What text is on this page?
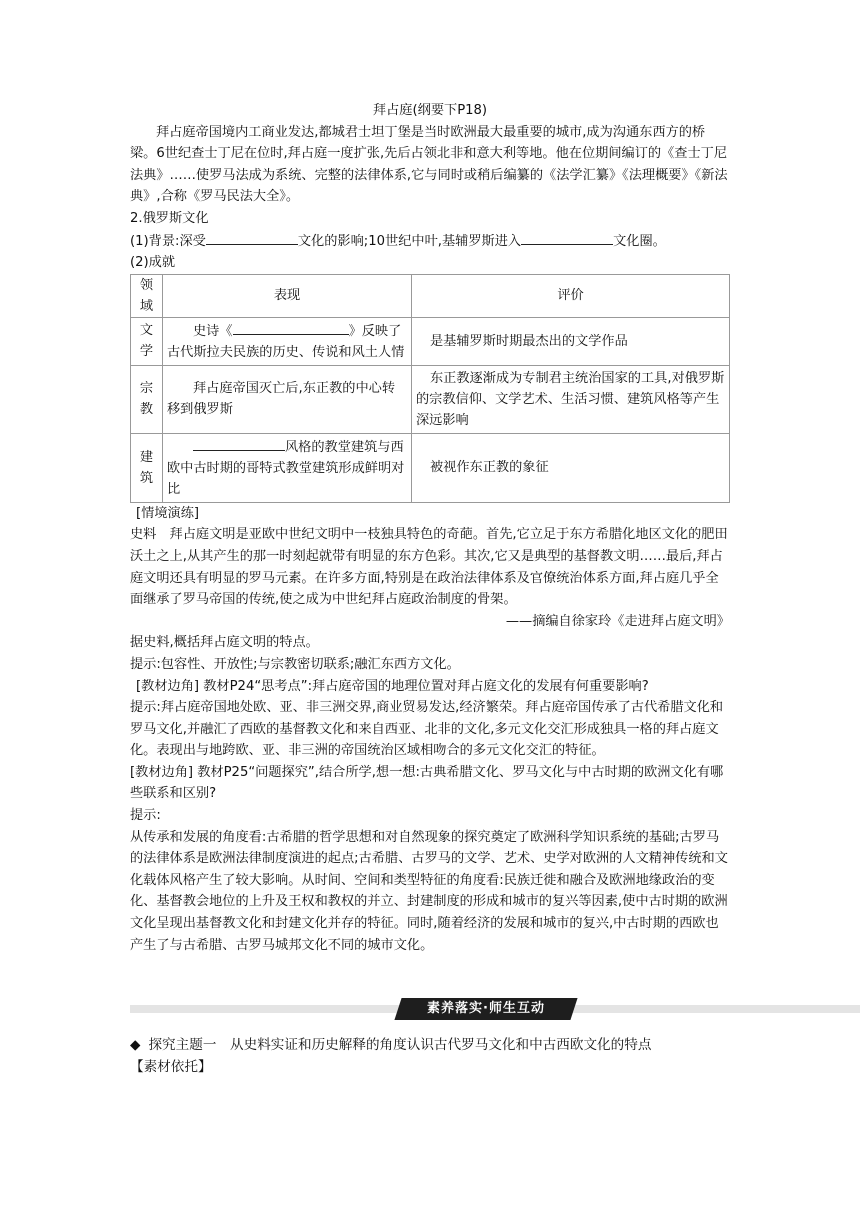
拜占庭(纲要下P18)

拜占庭帝国境内工商业发达,都城君士坦丁堡是当时欧洲最大最重要的城市,成为沟通东西方的桥梁。6世纪查士丁尼在位时,拜占庭一度扩张,先后占领北非和意大利等地。他在位期间编订的《查士丁尼法典》……使罗马法成为系统、完整的法律体系,它与同时或稍后编纂的《法学汇纂》《法理概要》《新法典》,合称《罗马民法大全》。

2.俄罗斯文化

(1)背景:深受	文化的影响;10世纪中叶,基辅罗斯进入	文化圈。

(2)成就

领域	表现	评价
文学	史诗《 》反映了古代斯拉夫民族的历史、传说和风土人情	是基辅罗斯时期最杰出的文学作品
宗教	拜占庭帝国灭亡后,东正教的中心转移到俄罗斯	东正教逐渐成为专制君主统治国家的工具,对俄罗斯的宗教信仰、文学艺术、生活习惯、建筑风格等产生深远影响
建筑	风格的教堂建筑与西欧中古时期的哥特式教堂建筑形成鲜明对比	被视作东正教的象征

[情境演练]

史料　拜占庭文明是亚欧中世纪文明中一枝独具特色的奇葩。首先,它立足于东方希腊化地区文化的肥田沃土之上,从其产生的那一时刻起就带有明显的东方色彩。其次,它又是典型的基督教文明……最后,拜占庭文明还具有明显的罗马元素。在许多方面,特别是在政治法律体系及官僚统治体系方面,拜占庭几乎全面继承了罗马帝国的传统,使之成为中世纪拜占庭政治制度的骨架。

——摘编自徐家玲《走进拜占庭文明》

据史料,概括拜占庭文明的特点。

提示:包容性、开放性;与宗教密切联系;融汇东西方文化。

[教材边角] 教材P24“思考点”:拜占庭帝国的地理位置对拜占庭文化的发展有何重要影响?

提示:拜占庭帝国地处欧、亚、非三洲交界,商业贸易发达,经济繁荣。拜占庭帝国传承了古代希腊文化和罗马文化,并融汇了西欧的基督教文化和来自西亚、北非的文化,多元文化交汇形成独具一格的拜占庭文化。表现出与地跨欧、亚、非三洲的帝国统治区域相吻合的多元文化交汇的特征。

[教材边角] 教材P25“问题探究”,结合所学,想一想:古典希腊文化、罗马文化与中古时期的欧洲文化有哪些联系和区别?

提示:

从传承和发展的角度看:古希腊的哲学思想和对自然现象的探究奠定了欧洲科学知识系统的基础;古罗马的法律体系是欧洲法律制度演进的起点;古希腊、古罗马的文学、艺术、史学对欧洲的人文精神传统和文化载体风格产生了较大影响。从时间、空间和类型特征的角度看:民族迁徙和融合及欧洲地缘政治的变化、基督教会地位的上升及王权和教权的并立、封建制度的形成和城市的复兴等因素,使中古时期的欧洲文化呈现出基督教文化和封建文化并存的特征。同时,随着经济的发展和城市的复兴,中古时期的西欧也产生了与古希腊、古罗马城邦文化不同的城市文化。

素养落实·师生互动
◆ 探究主题一　从史料实证和历史解释的角度认识古代罗马文化和中古西欧文化的特点
【素材依托】
